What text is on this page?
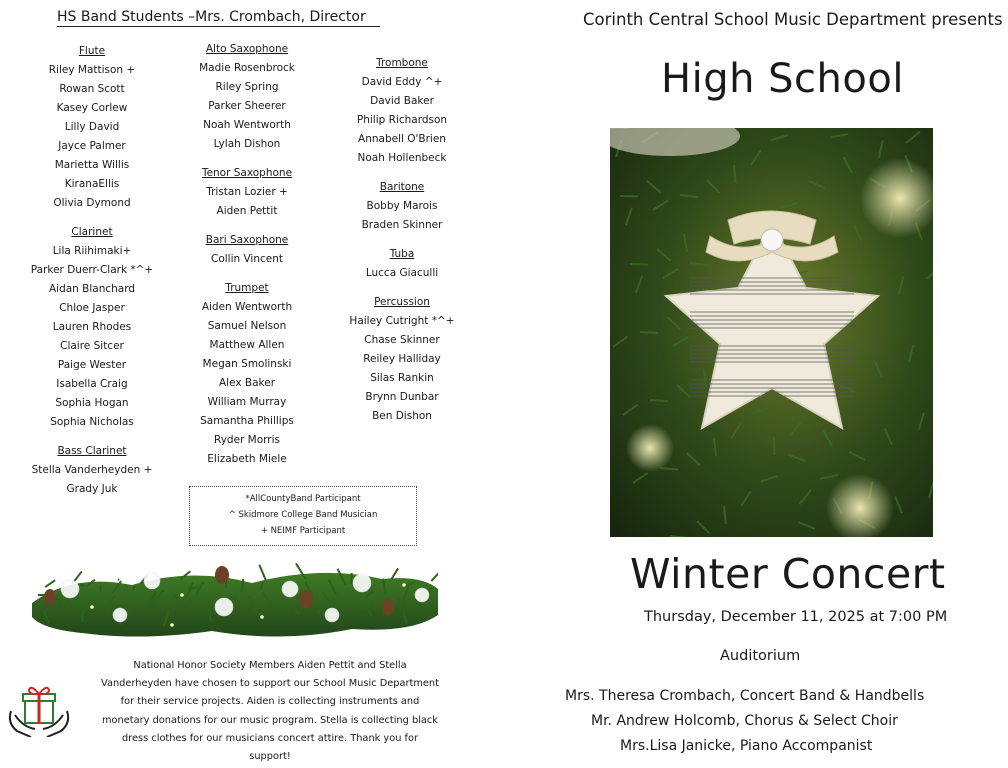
HS Band Students –Mrs. Crombach, Director
Flute
Riley Mattison +
Rowan Scott
Kasey Corlew
Lilly David
Jayce Palmer
Marietta Willis
KiranaEllis
Olivia Dymond
Clarinet
Lila Riihimaki+
Parker Duerr-Clark *^+
Aidan Blanchard
Chloe Jasper
Lauren Rhodes
Claire Sitcer
Paige Wester
Isabella Craig
Sophia Hogan
Sophia Nicholas
Bass Clarinet
Stella Vanderheyden +
Grady Juk
Alto Saxophone
Madie Rosenbrock
Riley Spring
Parker Sheerer
Noah Wentworth
Lylah Dishon
Tenor Saxophone
Tristan Lozier +
Aiden Pettit
Bari Saxophone
Collin Vincent
Trumpet
Aiden Wentworth
Samuel Nelson
Matthew Allen
Megan Smolinski
Alex Baker
William Murray
Samantha Phillips
Ryder Morris
Elizabeth Miele
Trombone
David Eddy ^+
David Baker
Philip Richardson
Annabell O'Brien
Noah Hollenbeck
Baritone
Bobby Marois
Braden Skinner
Tuba
Lucca Giaculli
Percussion
Hailey Cutright *^+
Chase Skinner
Reiley Halliday
Silas Rankin
Brynn Dunbar
Ben Dishon
*AllCountyBand Participant
^ Skidmore College Band Musician
+ NEIMF Participant
National Honor Society Members Aiden Pettit and Stella
Vanderheyden have chosen to support our School Music Department
for their service projects. Aiden is collecting instruments and
monetary donations for our music program. Stella is collecting black
dress clothes for our musicians concert attire. Thank you for support!
Corinth Central School Music Department presents
High School
Winter Concert
Thursday, December 11, 2025 at 7:00 PM
Auditorium
Mrs. Theresa Crombach, Concert Band & Handbells
Mr. Andrew Holcomb, Chorus & Select Choir
Mrs.Lisa Janicke, Piano Accompanist
